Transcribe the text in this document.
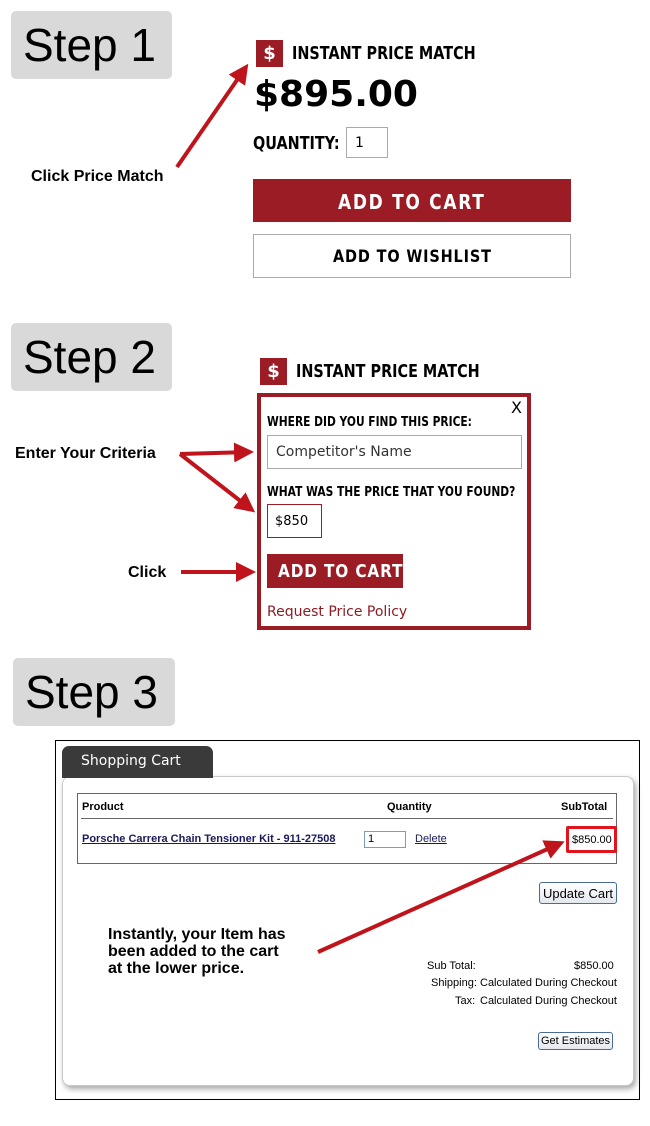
Step 1	$ INSTANT PRICE MATCH
$895.00
QUANTITY:	1
ADD TO CART
ADD TO WISHLIST
Click Price Match
Step 2	$ INSTANT PRICE MATCH
X
WHERE DID YOU FIND THIS PRICE:
Competitor's Name
WHAT WAS THE PRICE THAT YOU FOUND?
$850
ADD TO CART
Request Price Policy
Enter Your Criteria
Click
Step 3
Shopping Cart
Product	Quantity	SubTotal
Porsche Carrera Chain Tensioner Kit - 911-27508	1	Delete	$850.00
Update Cart
Instantly, your Item has
been added to the cart
at the lower price.	Sub Total:	$850.00
Shipping: Calculated During Checkout
Tax: Calculated During Checkout
Get Estimates
